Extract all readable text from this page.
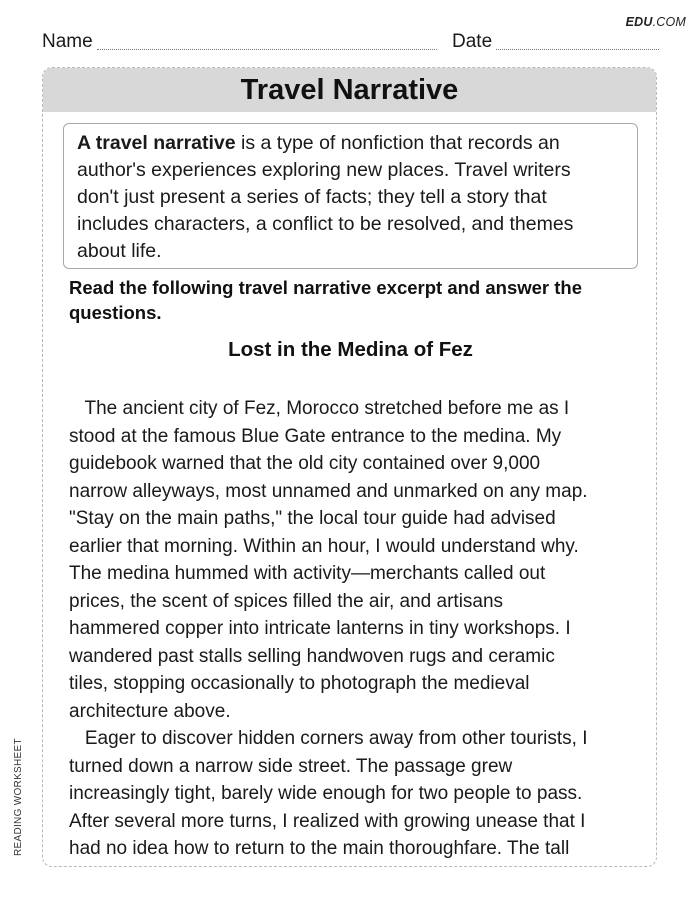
EDU.COM
Name	Date
Travel Narrative
A travel narrative is a type of nonfiction that records an
author's experiences exploring new places. Travel writers
don't just present a series of facts; they tell a story that
includes characters, a conflict to be resolved, and themes
about life.
Read the following travel narrative excerpt and answer the
questions.
Lost in the Medina of Fez
The ancient city of Fez, Morocco stretched before me as I
stood at the famous Blue Gate entrance to the medina. My
guidebook warned that the old city contained over 9,000
narrow alleyways, most unnamed and unmarked on any map.
"Stay on the main paths," the local tour guide had advised
earlier that morning. Within an hour, I would understand why.
The medina hummed with activity—merchants called out
prices, the scent of spices filled the air, and artisans
hammered copper into intricate lanterns in tiny workshops. I
wandered past stalls selling handwoven rugs and ceramic
tiles, stopping occasionally to photograph the medieval
architecture above.
Eager to discover hidden corners away from other tourists, I
turned down a narrow side street. The passage grew
increasingly tight, barely wide enough for two people to pass.
After several more turns, I realized with growing unease that I
had no idea how to return to the main thoroughfare. The tall
READING WORKSHEET
